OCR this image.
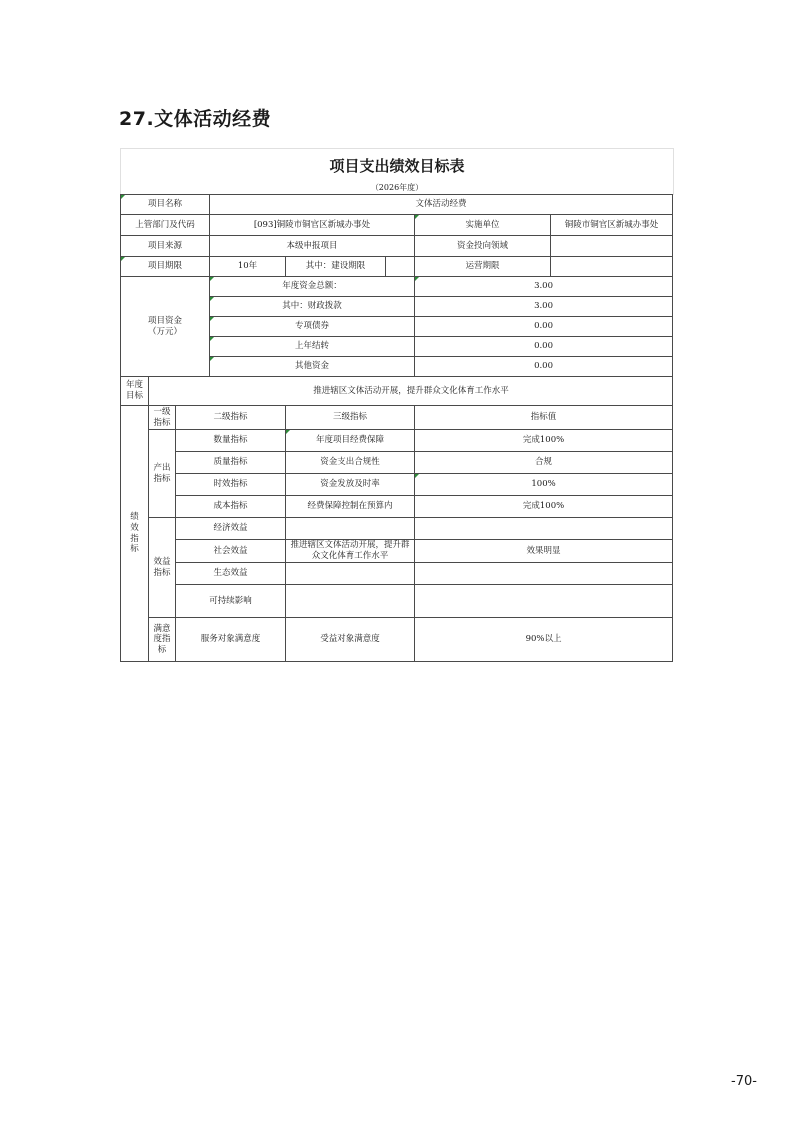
27.文体活动经费
项目支出绩效目标表
（2026年度）
项目名称			文体活动经费				
上管部门及代码			[093]铜陵市铜官区新城办事处			实施单位	铜陵市铜官区新城办事处
项目来源			本级申报项目			资金投向领域	
项目期限			10年	其中：建设期限		运营期限	
项目资金
（万元）			年度资金总额：			3.00	
			其中：财政拨款			3.00	
			专项债券			0.00	
			上年结转			0.00	
			其他资金			0.00	
年度
目标	推进辖区文体活动开展，提升群众文化体育工作水平						
绩
效
指
标	一级
指标	二级指标		三级指标		指标值	
	产出
指标	数量指标		年度项目经费保障		完成100%	
		质量指标		资金支出合规性		合规	
		时效指标		资金发放及时率		100%	
		成本指标		经费保障控制在预算内		完成100%	
	效益
指标	经济效益					
		社会效益		推进辖区文体活动开展，提升群众文化体育工作水平		效果明显	
		生态效益					
		可持续影响					
	满意
度指
标	服务对象满意度		受益对象满意度		90%以上	
-70-
